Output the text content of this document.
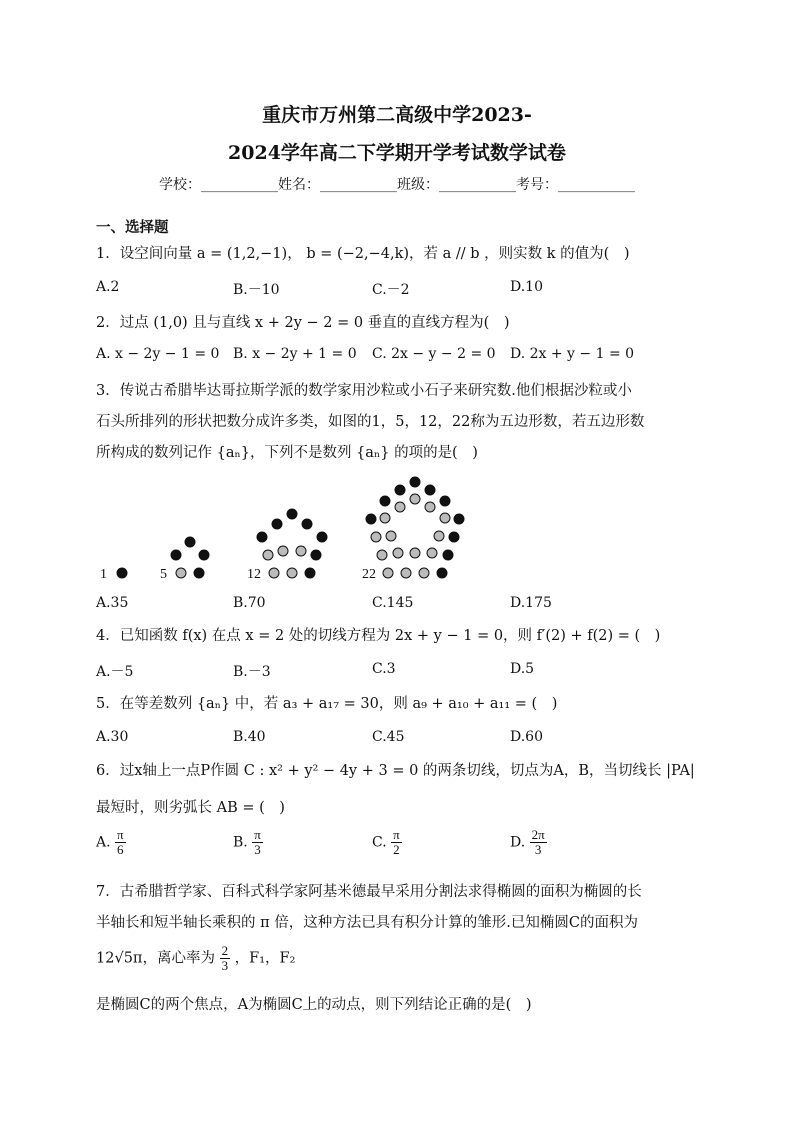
重庆市万州第二高级中学2023-
2024学年高二下学期开学考试数学试卷
学校：___________姓名：___________班级：___________考号：___________
一、选择题
1．设空间向量 a = (1,2,−1)， b = (−2,−4,k)，若 a // b ，则实数 k 的值为(　)
A.2	B.－10	C.－2	D.10
2．过点 (1,0) 且与直线 x + 2y − 2 = 0 垂直的直线方程为(　)
A. x − 2y − 1 = 0 B. x − 2y + 1 = 0 C. 2x − y − 2 = 0 D. 2x + y − 1 = 0
3．传说古希腊毕达哥拉斯学派的数学家用沙粒或小石子来研究数.他们根据沙粒或小
石头所排列的形状把数分成许多类，如图的1，5，12，22称为五边形数，若五边形数
所构成的数列记作 {aₙ}，下列不是数列 {aₙ} 的项的是(　)
1	5	12	22
A.35	B.70	C.145	D.175
4．已知函数 f(x) 在点 x = 2 处的切线方程为 2x + y − 1 = 0，则 f′(2) + f(2) = (　)
A.－5	B.－3	C.3	D.5
5．在等差数列 {aₙ} 中，若 a₃ + a₁₇ = 30，则 a₉ + a₁₀ + a₁₁ = (　)
A.30	B.40	C.45	D.60
6．过x轴上一点P作圆 C : x² + y² − 4y + 3 = 0 的两条切线，切点为A，B，当切线长 |PA|
最短时，则劣弧长 AB = (　)
A. $\frac{\pi}{6}$	B. $\frac{\pi}{3}$	C. $\frac{\pi}{2}$	D. $\frac{2\pi}{3}$
7．古希腊哲学家、百科式科学家阿基米德最早采用分割法求得椭圆的面积为椭圆的长
半轴长和短半轴长乘积的 π 倍，这种方法已具有积分计算的雏形.已知椭圆C的面积为
12√5π，离心率为 $\frac{2}{3}$ ，F₁，F₂
是椭圆C的两个焦点，A为椭圆C上的动点，则下列结论正确的是(　)
